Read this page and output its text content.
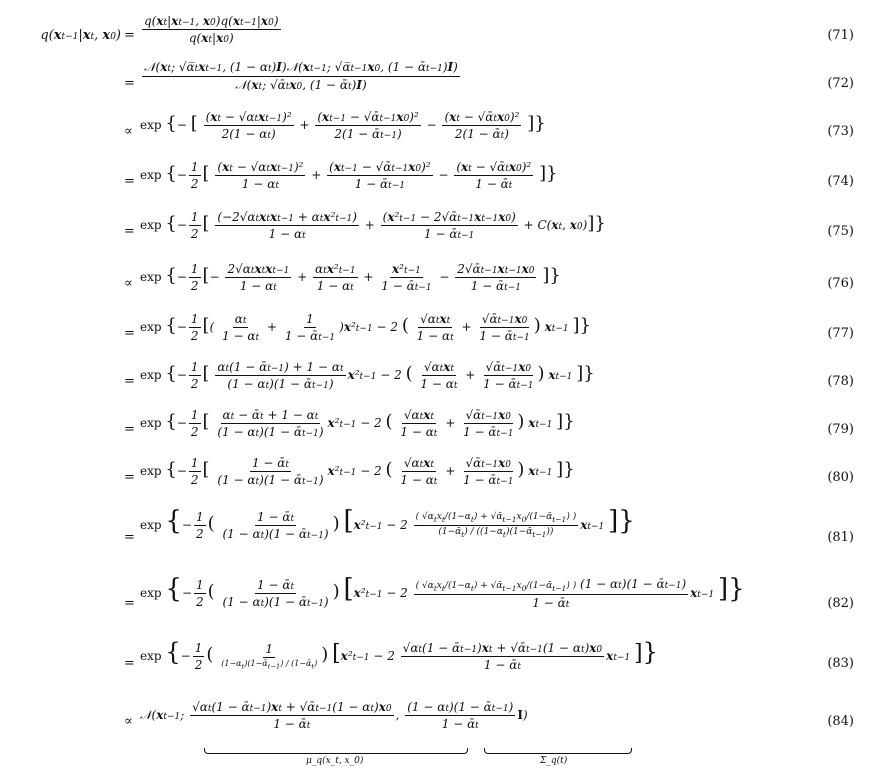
q(xt−1|xt, $x0) = \frac{q(xt|xt-1, x0)q(xt-1|x0)}{q(xt|x0)}$	(71)
= $\frac{\text{𝒩(xt; √α̅txt−1, (1 − αt)I)𝒩(xt−1; √α̅t−1x0, (1 − ᾱt−1)I)}}{\text{𝒩(xt; √ᾱtx0, (1 − ᾱt)I)}}$	(72)
∝ exp {− [ $\frac{\text{(xt − √αtxt−1)²}}{2(1 - \alpha t)} + \frac{\text{(xt−1 − √ᾱt−1x0)²}}{\text{2(1 − ᾱt−1)}} - \frac{\text{(xt − √ᾱtx0)²}}{\text{2(1 − ᾱt)}}$ ]}	(73)
= exp {− $\frac{1}{2}$ [ $\frac{\text{(xt − √αtxt−1)²}}{1 - \alpha t} + \frac{\text{(xt−1 − √ᾱt−1x0)²}}{\text{1 − ᾱt−1}} - \frac{\text{(xt − √ᾱtx0)²}}{\text{1 − ᾱt}}$ ]}	(74)
= exp {− $\frac{1}{2}$ [ $\frac{\text{(−2√αtxtxt−1 + αtx²t−1)}}{1 - \alpha t} + \frac{\text{(x²t−1 − 2√ᾱt−1xt−1x0)}}{\text{1 − ᾱt−1}} + C(xt$, x0)]}	(75)
∝ exp {− $\frac{1}{2}$ [− $\frac{\text{2√αtxtxt−1}}{1 - \alpha t} + \frac{\text{αtx²t−1}}{1 - \alpha t} + \frac{\text{x²t−1}}{\text{1 − ᾱt−1}} - \frac{\text{2√ᾱt−1xt−1x0}}{\text{1 − ᾱt−1}}$ ]}	(76)
= exp {− $\frac{1}{2}$ [( $\frac{\alpha t}{1 - \alpha t} + \frac{1}{\text{1 − ᾱt−1}} )x^2t-1 - 2$ ( $\frac{\text{√αtxt}}{1 - \alpha t} + \frac{\text{√ᾱt−1x0}}{\text{1 − ᾱt−1}}$ ) xt−1 ]}	(77)
= exp {− $\frac{1}{2}$ [ $\frac{\text{αt(1 − ᾱt−1) + 1 − αt}}{\text{(1 − αt)(1 − ᾱt−1)}} x^2t-1 - 2$ ( $\frac{\text{√αtxt}}{1 - \alpha t} + \frac{\text{√ᾱt−1x0}}{\text{1 − ᾱt−1}}$ ) xt−1 ]}	(78)
= exp {− $\frac{1}{2}$ [ $\frac{\text{αt − ᾱt + 1 − αt}}{\text{(1 − αt)(1 − ᾱt−1)}} x^2t-1 - 2$ ( $\frac{\text{√αtxt}}{1 - \alpha t} + \frac{\text{√ᾱt−1x0}}{\text{1 − ᾱt−1}}$ ) xt−1 ]}	(79)
= exp {− $\frac{1}{2}$ [ $\frac{\text{1 − ᾱt}}{\text{(1 − αt)(1 − ᾱt−1)}} x^2t-1 - 2$ ( $\frac{\text{√αtxt}}{1 - \alpha t} + \frac{\text{√ᾱt−1x0}}{\text{1 − ᾱt−1}}$ ) xt−1 ]}	(80)
=
exp {− $\frac{1}{2}$ ( $\frac{\text{1 − ᾱt}}{\text{(1 − αt)(1 − ᾱt−1)}}$ ) [$x^2t-1 - 2 \frac{( √\alpha_tx_t/(1-\alpha_t) + √ᾱ_{t-1}x_0/(1-ᾱ_{t-1}) )}{(1-ᾱ_t) / ((1-\alpha_t)(1-ᾱ_{t-1}))} xt-1$ ]}
(81)
=
exp {− $\frac{1}{2}$ ( $\frac{\text{1 − ᾱt}}{\text{(1 − αt)(1 − ᾱt−1)}}$ ) [$x^2t-1 - 2 \frac{( √\alpha_tx_t/(1-\alpha_t) + √ᾱ_{t-1}x_0/(1-ᾱ_{t-1}) ) (1 - \alpha t)(1 - ᾱt-1)}{\text{1 − ᾱt}} xt-1$ ]}	(82)
= exp {− $\frac{1}{2}$ ( $\frac{1}{(1-\alpha_t)(1-ᾱ_{t-1}) / (1-ᾱ_t)}$ ) [$x^2t-1 - 2 \frac{\text{√αt(1 − ᾱt−1)xt + √ᾱt−1(1 − αt)x0}}{\text{1 − ᾱt}} xt-1$ ]}	(83)
∝ 𝒩(xt−1; $\frac{\text{√αt(1 − ᾱt−1)xt + √ᾱt−1(1 − αt)x0}}{\text{1 − ᾱt}}$ , $\frac{\text{(1 − αt)(1 − ᾱt−1)}}{\text{1 − ᾱt}} I$)
μ_q(x_t, x_0)	Σ_q(t)
(84)
